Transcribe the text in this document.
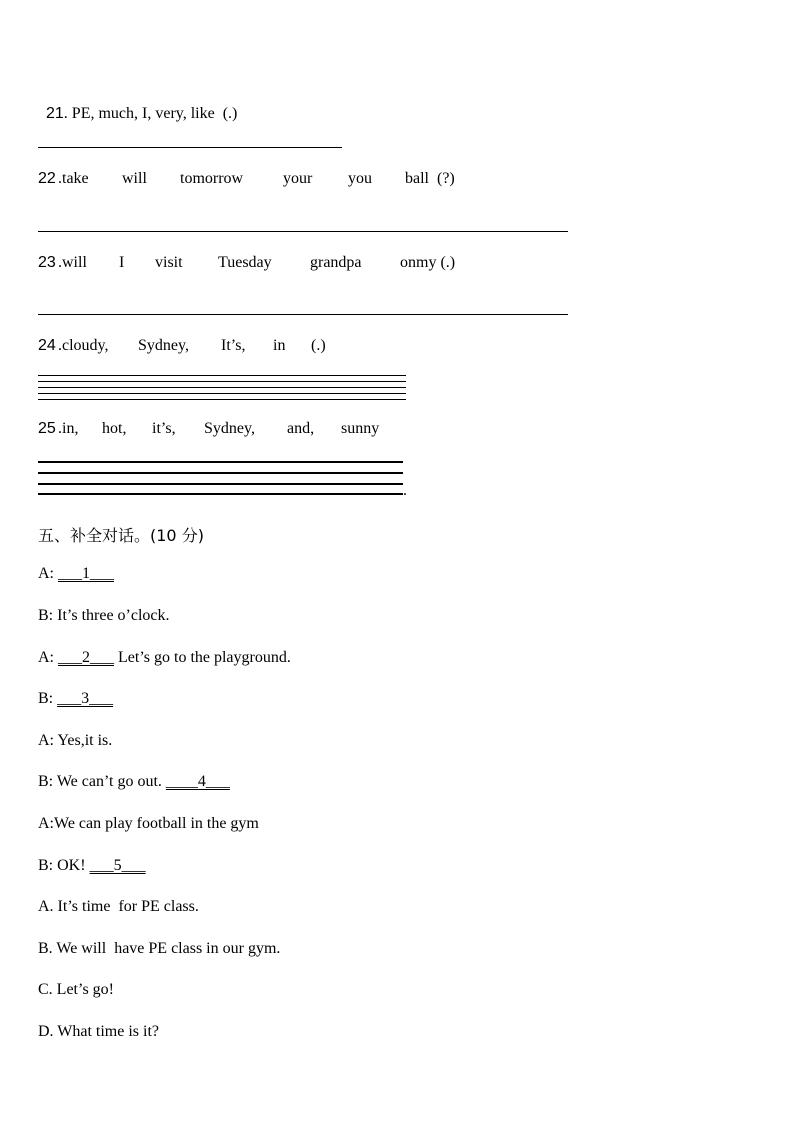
21. PE, much, I, very, like  (.)

22 .take will tomorrow your you ball  (?)
23 .will I visit Tuesday grandpa onmy (.)
24 .cloudy, Sydney, It’s, in (.)
25 .in, hot, it’s, Sydney, and, sunny
.
五、补全对话。(10 分)
A: ___1___
B: It’s three o’clock.
A: ___2___ Let’s go to the playground.
B: ___3___
A: Yes,it is.
B: We can’t go out. ____4___
A:We can play football in the gym
B: OK! ___5___
A. It’s time  for PE class.
B. We will  have PE class in our gym.
C. Let’s go!
D. What time is it?
